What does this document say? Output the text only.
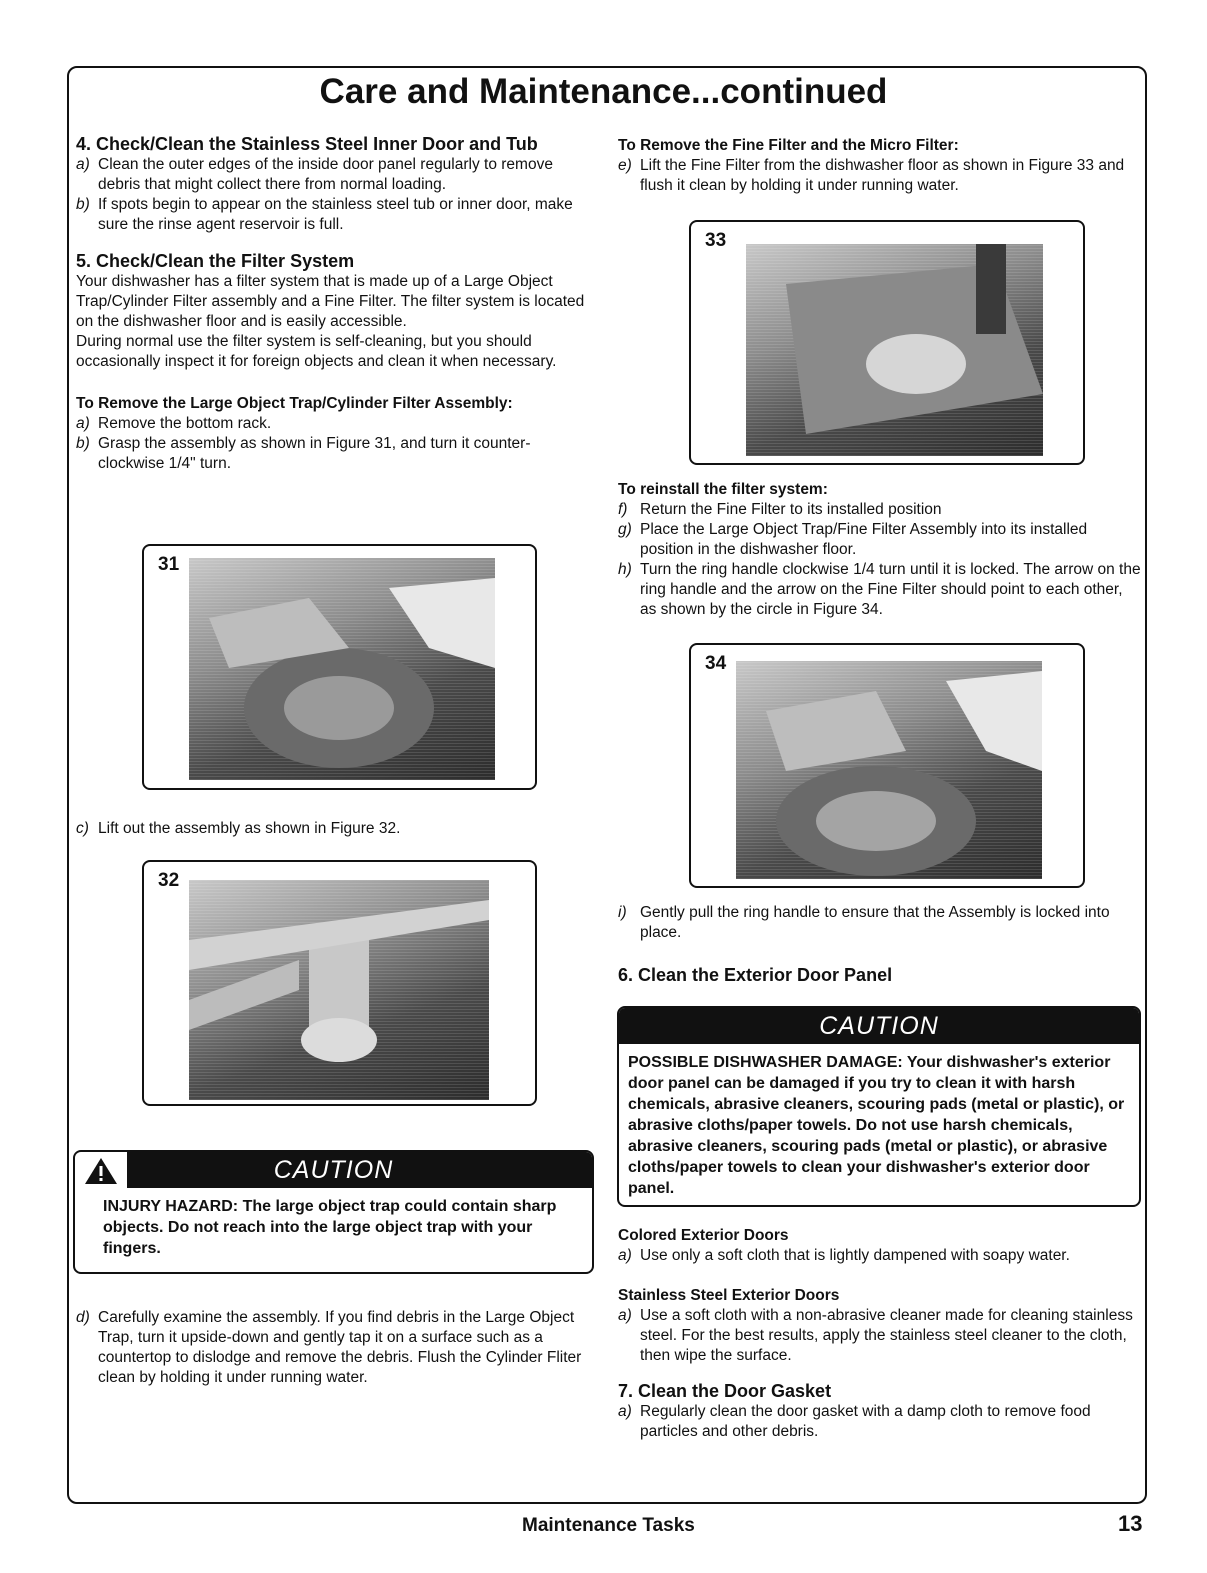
Care and Maintenance...continued

4. Check/Clean the Stainless Steel Inner Door and Tub

a) Clean the outer edges of the inside door panel regularly to remove debris that might collect there from normal loading.

b) If spots begin to appear on the stainless steel tub or inner door, make sure the rinse agent reservoir is full.

5. Check/Clean the Filter System

Your dishwasher has a filter system that is made up of a Large Object Trap/Cylinder Filter assembly and a Fine Filter. The filter system is located on the dishwasher floor and is easily accessible.

During normal use the filter system is self-cleaning, but you should occasionally inspect it for foreign objects and clean it when necessary.

To Remove the Large Object Trap/Cylinder Filter Assembly:

a) Remove the bottom rack.

b) Grasp the assembly as shown in Figure 31, and turn it counter-clockwise 1/4" turn.

31

c) Lift out the assembly as shown in Figure 32.

32
CAUTION
INJURY HAZARD: The large object trap could contain sharp objects. Do not reach into the large object trap with your fingers.

d) Carefully examine the assembly. If you find debris in the Large Object Trap, turn it upside-down and gently tap it on a surface such as a countertop to dislodge and remove the debris. Flush the Cylinder Fliter clean by holding it under running water.

To Remove the Fine Filter and the Micro Filter:

e) Lift the Fine Filter from the dishwasher floor as shown in Figure 33 and flush it clean by holding it under running water.

33

To reinstall the filter system:

f) Return the Fine Filter to its installed position

g) Place the Large Object Trap/Fine Filter Assembly into its installed position in the dishwasher floor.

h) Turn the ring handle clockwise 1/4 turn until it is locked. The arrow on the ring handle and the arrow on the Fine Filter should point to each other, as shown by the circle in Figure 34.

34

i) Gently pull the ring handle to ensure that the Assembly is locked into place.

6. Clean the Exterior Door Panel

CAUTION
POSSIBLE DISHWASHER DAMAGE: Your dishwasher's exterior door panel can be damaged if you try to clean it with harsh chemicals, abrasive cleaners, scouring pads (metal or plastic), or abrasive cloths/paper towels. Do not use harsh chemicals, abrasive cleaners, scouring pads (metal or plastic), or abrasive cloths/paper towels to clean your dishwasher's exterior door panel.

Colored Exterior Doors

a) Use only a soft cloth that is lightly dampened with soapy water.

Stainless Steel Exterior Doors

a) Use a soft cloth with a non-abrasive cleaner made for cleaning stainless steel. For the best results, apply the stainless steel cleaner to the cloth, then wipe the surface.

7. Clean the Door Gasket

a) Regularly clean the door gasket with a damp cloth to remove food particles and other debris.

Maintenance Tasks	13
